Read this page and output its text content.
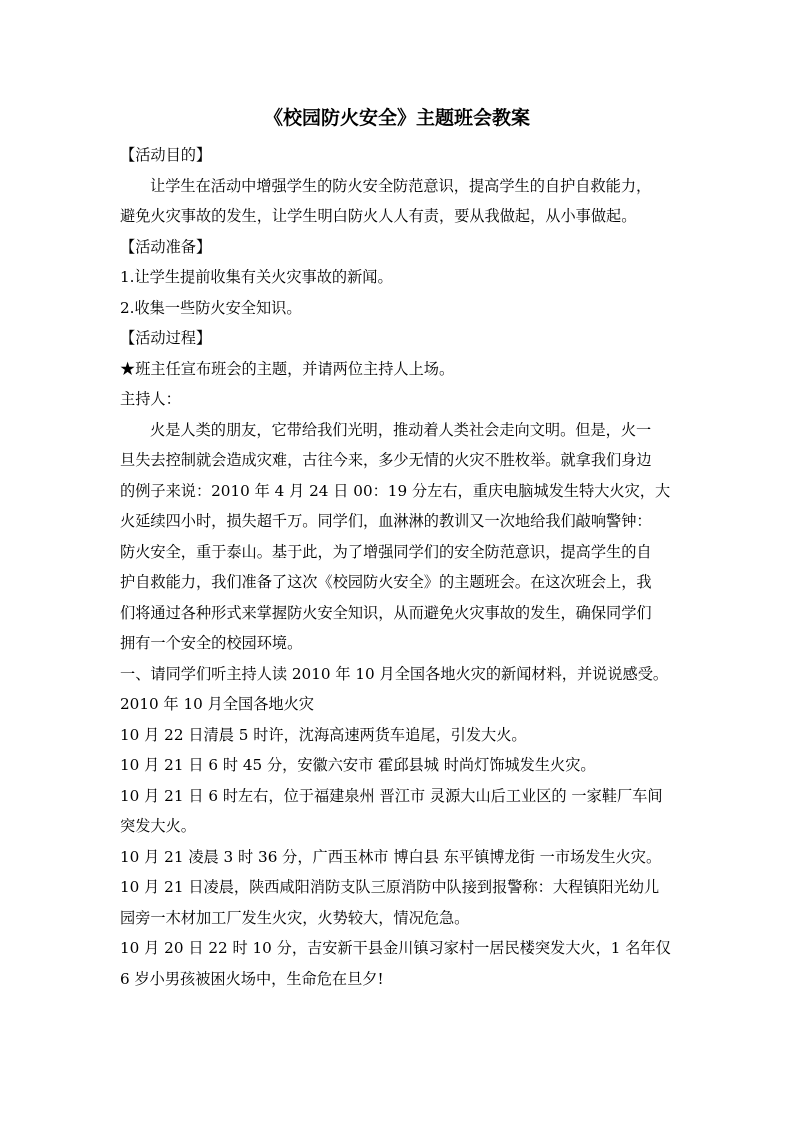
《校园防火安全》主题班会教案

【活动目的】

让学生在活动中增强学生的防火安全防范意识，提高学生的自护自救能力，

避免火灾事故的发生，让学生明白防火人人有责，要从我做起，从小事做起。

【活动准备】

1.让学生提前收集有关火灾事故的新闻。

2.收集一些防火安全知识。

【活动过程】

★班主任宣布班会的主题，并请两位主持人上场。

主持人：

火是人类的朋友，它带给我们光明，推动着人类社会走向文明。但是，火一

旦失去控制就会造成灾难，古往今来，多少无情的火灾不胜枚举。就拿我们身边

的例子来说：2010 年 4 月 24 日 00：19 分左右，重庆电脑城发生特大火灾，大

火延续四小时，损失超千万。同学们，血淋淋的教训又一次地给我们敲响警钟：

防火安全，重于泰山。基于此，为了增强同学们的安全防范意识，提高学生的自

护自救能力，我们准备了这次《校园防火安全》的主题班会。在这次班会上，我

们将通过各种形式来掌握防火安全知识，从而避免火灾事故的发生，确保同学们

拥有一个安全的校园环境。

一、请同学们听主持人读 2010 年 10 月全国各地火灾的新闻材料，并说说感受。

2010 年 10 月全国各地火灾

10 月 22 日清晨 5 时许，沈海高速两货车追尾，引发大火。

10 月 21 日 6 时 45 分，安徽六安市 霍邱县城 时尚灯饰城发生火灾。

10 月 21 日 6 时左右，位于福建泉州 晋江市 灵源大山后工业区的 一家鞋厂车间

突发大火。

10 月 21 凌晨 3 时 36 分，广西玉林市 博白县 东平镇博龙街 一市场发生火灾。

10 月 21 日凌晨，陕西咸阳消防支队三原消防中队接到报警称：大程镇阳光幼儿

园旁一木材加工厂发生火灾，火势较大，情况危急。

10 月 20 日 22 时 10 分，吉安新干县金川镇习家村一居民楼突发大火，1 名年仅

6 岁小男孩被困火场中，生命危在旦夕!
